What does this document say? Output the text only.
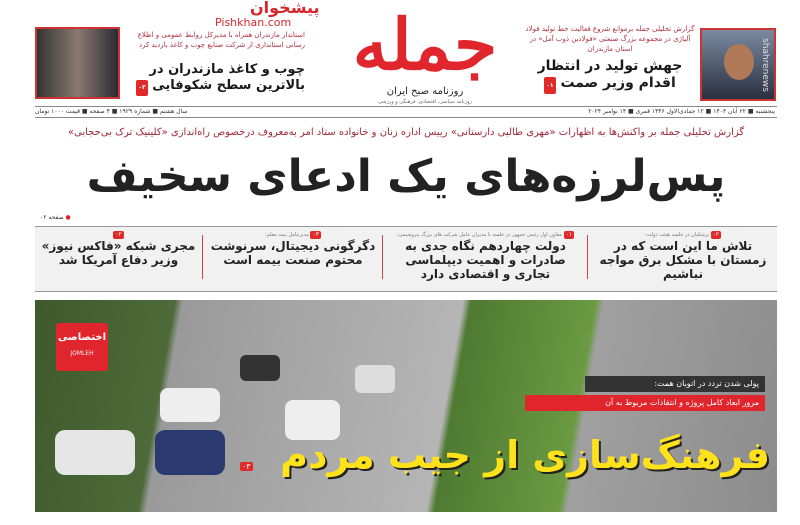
جمله
روزنامه صبح ایران
روزنامه سیاسی، اقتصادی، فرهنگی و ورزشی
پیشخوان
Pishkhan.com
shahrenews
گزارش تحلیلی جمله برموانع شروع فعالیت خط تولید فولاد آلیاژی در مجموعه بزرگ صنعتی «فولادین ذوب آمل» در استان مازندران
جهش تولید در انتظار اقدام وزیر صمت ۰۱
استاندار مازندران همراه با مدیرکل روابط عمومی و اطلاع رسانی استانداری از شرکت صنایع چوب و کاغذ بازدید کرد
چوب و کاغذ مازندران در بالاترین سطح شکوفایی ۰۳
پنجشنبه ■ ۲۲ آبان ۱۴۰۳ ■ ۱۲ جمادی‌الاول ۱۴۴۶ قمری ■ ۱۴ نوامبر ۲۰۲۴
سال هشتم ■ شماره ۱۹۲۹ ■ ۴ صفحه ■ قیمت ۱۰۰۰ تومان
گزارش تحلیلی جمله بر واکنش‌ها به اظهارات «مهری طالبی دارستانی» رییس اداره زنان و خانواده ستاد امر به‌معروف درخصوص راه‌اندازی «کلینیک ترک بی‌حجابی»
پس‌لرزه‌های یک ادعای سخیف
● صفحه ۰۲
۰۲ پزشکیان در جلسه هیئت دولت:
تلاش ما این است که در زمستان با مشکل برق مواجه نباشیم
۰۱ معاون اول رئیس جمهور در جلسه با مدیران عامل شرکت های بزرگ پتروشیمی:
دولت چهاردهم نگاه جدی به صادرات و اهمیت دیپلماسی تجاری و اقتصادی دارد
۰۳ مدیرعامل بیمه معلم:
دگرگونی دیجیتال، سرنوشت محتوم صنعت بیمه است
۰۲
مجری شبکه «فاکس نیوز» وزیر دفاع آمریکا شد
اختصاصی
JOMLEH
پولی شدن تردد در اتوبان همت:
مرور ابعاد کامل پروژه و انتقادات مربوط به آن
فرهنگ‌سازی از جیب مردم
۰۳
